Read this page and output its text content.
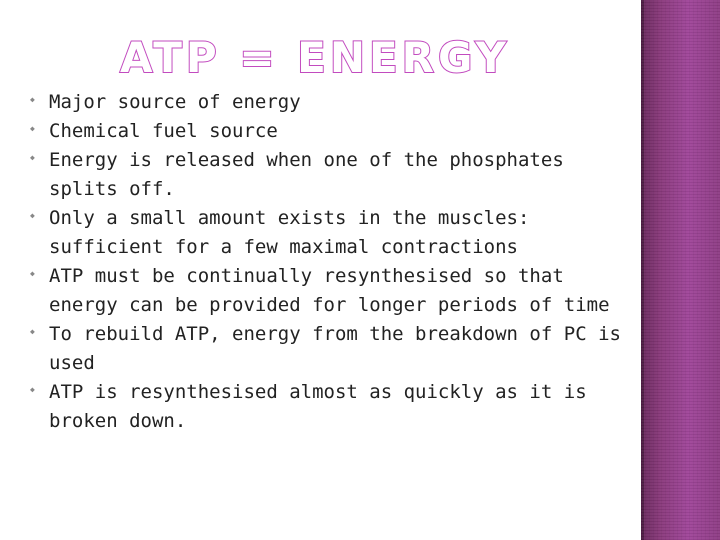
ATP = ENERGY
◆ Major source of energy
◆ Chemical fuel source
◆ Energy is released when one of the phosphates splits off.
◆ Only a small amount exists in the muscles: sufficient for a few maximal contractions
◆ ATP must be continually resynthesised so that energy can be provided for longer periods of time
◆ To rebuild ATP, energy from the breakdown of PC is used
◆ ATP is resynthesised almost as quickly as it is broken down.
